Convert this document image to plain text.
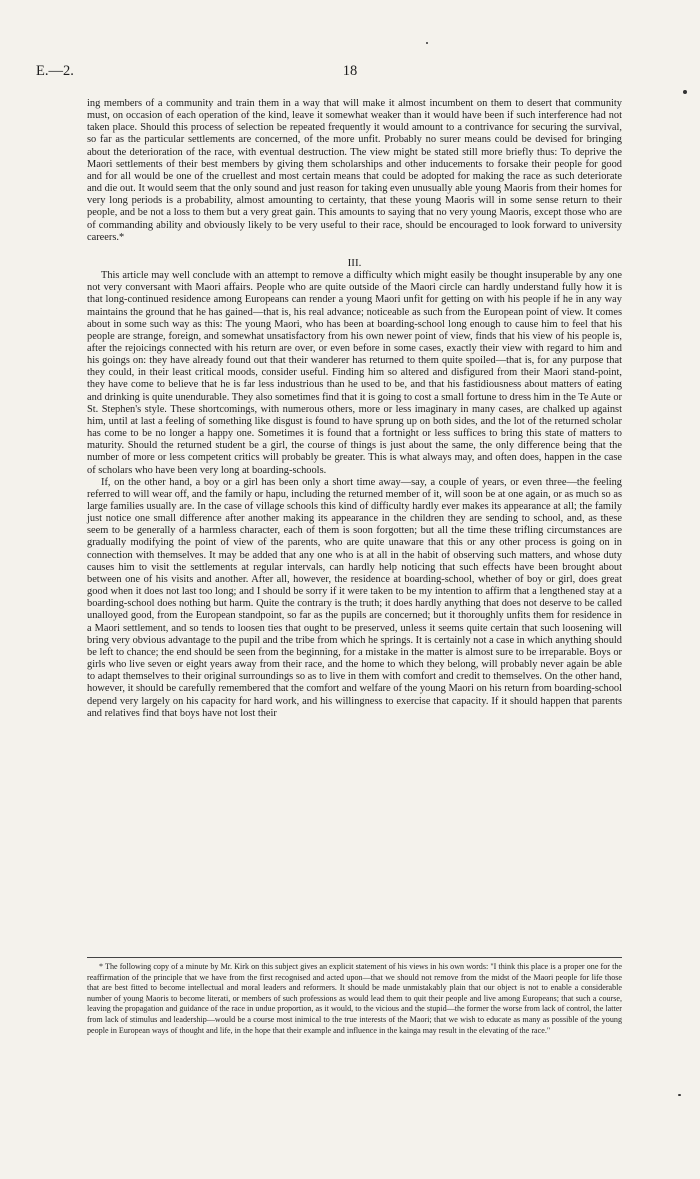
E.—2.	18

ing members of a community and train them in a way that will make it almost incumbent on them to desert that community must, on occasion of each operation of the kind, leave it somewhat weaker than it would have been if such interference had not taken place. Should this process of selection be repeated frequently it would amount to a contrivance for securing the survival, so far as the particular settlements are concerned, of the more unfit. Probably no surer means could be devised for bringing about the deterioration of the race, with eventual destruction. The view might be stated still more briefly thus: To deprive the Maori settlements of their best members by giving them scholarships and other inducements to forsake their people for good and for all would be one of the cruellest and most certain means that could be adopted for making the race as such deteriorate and die out. It would seem that the only sound and just reason for taking even unusually able young Maoris from their homes for very long periods is a probability, almost amounting to certainty, that these young Maoris will in some sense return to their people, and be not a loss to them but a very great gain. This amounts to saying that no very young Maoris, except those who are of commanding ability and obviously likely to be very useful to their race, should be encouraged to look forward to university careers.*

III.

This article may well conclude with an attempt to remove a difficulty which might easily be thought insuperable by any one not very conversant with Maori affairs. People who are quite outside of the Maori circle can hardly understand fully how it is that long-continued residence among Europeans can render a young Maori unfit for getting on with his people if he in any way maintains the ground that he has gained—that is, his real advance; noticeable as such from the European point of view. It comes about in some such way as this: The young Maori, who has been at boarding-school long enough to cause him to feel that his people are strange, foreign, and somewhat unsatisfactory from his own newer point of view, finds that his view of his people is, after the rejoicings connected with his return are over, or even before in some cases, exactly their view with regard to him and his goings on: they have already found out that their wanderer has returned to them quite spoiled—that is, for any purpose that they could, in their least critical moods, consider useful. Finding him so altered and disfigured from their Maori stand-point, they have come to believe that he is far less industrious than he used to be, and that his fastidiousness about matters of eating and drinking is quite unendurable. They also sometimes find that it is going to cost a small fortune to dress him in the Te Aute or St. Stephen's style. These shortcomings, with numerous others, more or less imaginary in many cases, are chalked up against him, until at last a feeling of something like disgust is found to have sprung up on both sides, and the lot of the returned scholar has come to be no longer a happy one. Sometimes it is found that a fortnight or less suffices to bring this state of matters to maturity. Should the returned student be a girl, the course of things is just about the same, the only difference being that the number of more or less competent critics will probably be greater. This is what always may, and often does, happen in the case of scholars who have been very long at boarding-schools.

If, on the other hand, a boy or a girl has been only a short time away—say, a couple of years, or even three—the feeling referred to will wear off, and the family or hapu, including the returned member of it, will soon be at one again, or as much so as large families usually are. In the case of village schools this kind of difficulty hardly ever makes its appearance at all; the family just notice one small difference after another making its appearance in the children they are sending to school, and, as these seem to be generally of a harmless character, each of them is soon forgotten; but all the time these trifling circumstances are gradually modifying the point of view of the parents, who are quite unaware that this or any other process is going on in connection with themselves. It may be added that any one who is at all in the habit of observing such matters, and whose duty causes him to visit the settlements at regular intervals, can hardly help noticing that such effects have been brought about between one of his visits and another. After all, however, the residence at boarding-school, whether of boy or girl, does great good when it does not last too long; and I should be sorry if it were taken to be my intention to affirm that a lengthened stay at a boarding-school does nothing but harm. Quite the contrary is the truth; it does hardly anything that does not deserve to be called unalloyed good, from the European standpoint, so far as the pupils are concerned; but it thoroughly unfits them for residence in a Maori settlement, and so tends to loosen ties that ought to be preserved, unless it seems quite certain that such loosening will bring very obvious advantage to the pupil and the tribe from which he springs. It is certainly not a case in which anything should be left to chance; the end should be seen from the beginning, for a mistake in the matter is almost sure to be irreparable. Boys or girls who live seven or eight years away from their race, and the home to which they belong, will probably never again be able to adapt themselves to their original surroundings so as to live in them with comfort and credit to themselves. On the other hand, however, it should be carefully remembered that the comfort and welfare of the young Maori on his return from boarding-school depend very largely on his capacity for hard work, and his willingness to exercise that capacity. If it should happen that parents and relatives find that boys have not lost their

* The following copy of a minute by Mr. Kirk on this subject gives an explicit statement of his views in his own words: "I think this place is a proper one for the reaffirmation of the principle that we have from the first recognised and acted upon—that we should not remove from the midst of the Maori people for life those that are best fitted to become intellectual and moral leaders and reformers. It should be made unmistakably plain that our object is not to enable a considerable number of young Maoris to become literati, or members of such professions as would lead them to quit their people and live among Europeans; that such a course, leaving the propagation and guidance of the race in undue proportion, as it would, to the vicious and the stupid—the former the worse from lack of control, the latter from lack of stimulus and leadership—would be a course most inimical to the true interests of the Maori; that we wish to educate as many as possible of the young people in European ways of thought and life, in the hope that their example and influence in the kainga may result in the elevating of the race."
